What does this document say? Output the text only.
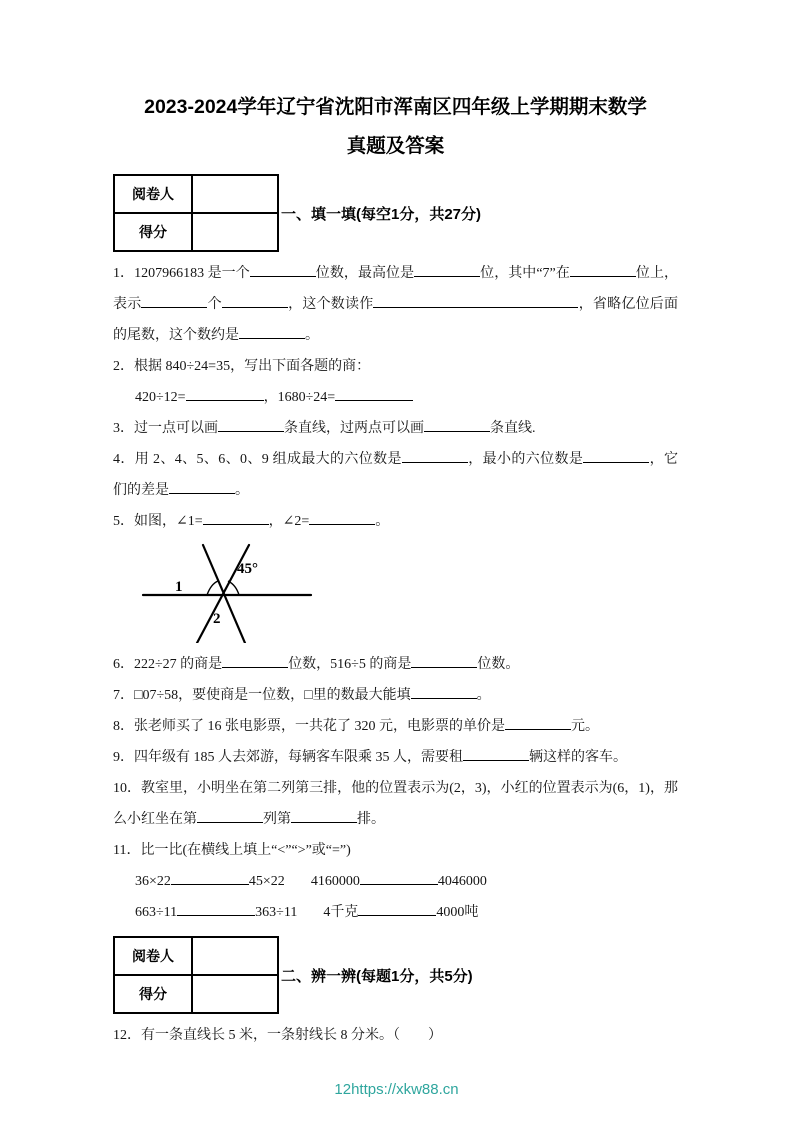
2023-2024学年辽宁省沈阳市浑南区四年级上学期期末数学
真题及答案
阅卷人	
得分	
一、填一填(每空1分，共27分)

1．1207966183 是一个	位数，最高位是	位，其中“7”在	位上，表示	个	，这个数读作	，省略亿位后面的尾数，这个数约是	。

2．根据 840÷24=35，写出下面各题的商：

420÷12=	，1680÷24=

3．过一点可以画	条直线，过两点可以画	条直线.

4．用 2、4、5、6、0、9 组成最大的六位数是	，最小的六位数是	，它们的差是	。

5．如图，∠1=	，∠2=	。

1
45°
2

6．222÷27 的商是	位数，516÷5 的商是	位数。

7．□07÷58，要使商是一位数，□里的数最大能填	。

8．张老师买了 16 张电影票，一共花了 320 元，电影票的单价是	元。

9．四年级有 185 人去郊游，每辆客车限乘 35 人，需要租	辆这样的客车。

10．教室里，小明坐在第二列第三排，他的位置表示为(2，3)，小红的位置表示为(6，1)，那么小红坐在第	列第	排。

11．比一比(在横线上填上“<”“>”或“=”)

36×22	45×22 4160000	4046000

663÷11	363÷11 4千克	4000吨

阅卷人	
得分	
二、辨一辨(每题1分，共5分)

12．有一条直线长 5 米，一条射线长 8 分米。（　　）

12https://xkw88.cn
